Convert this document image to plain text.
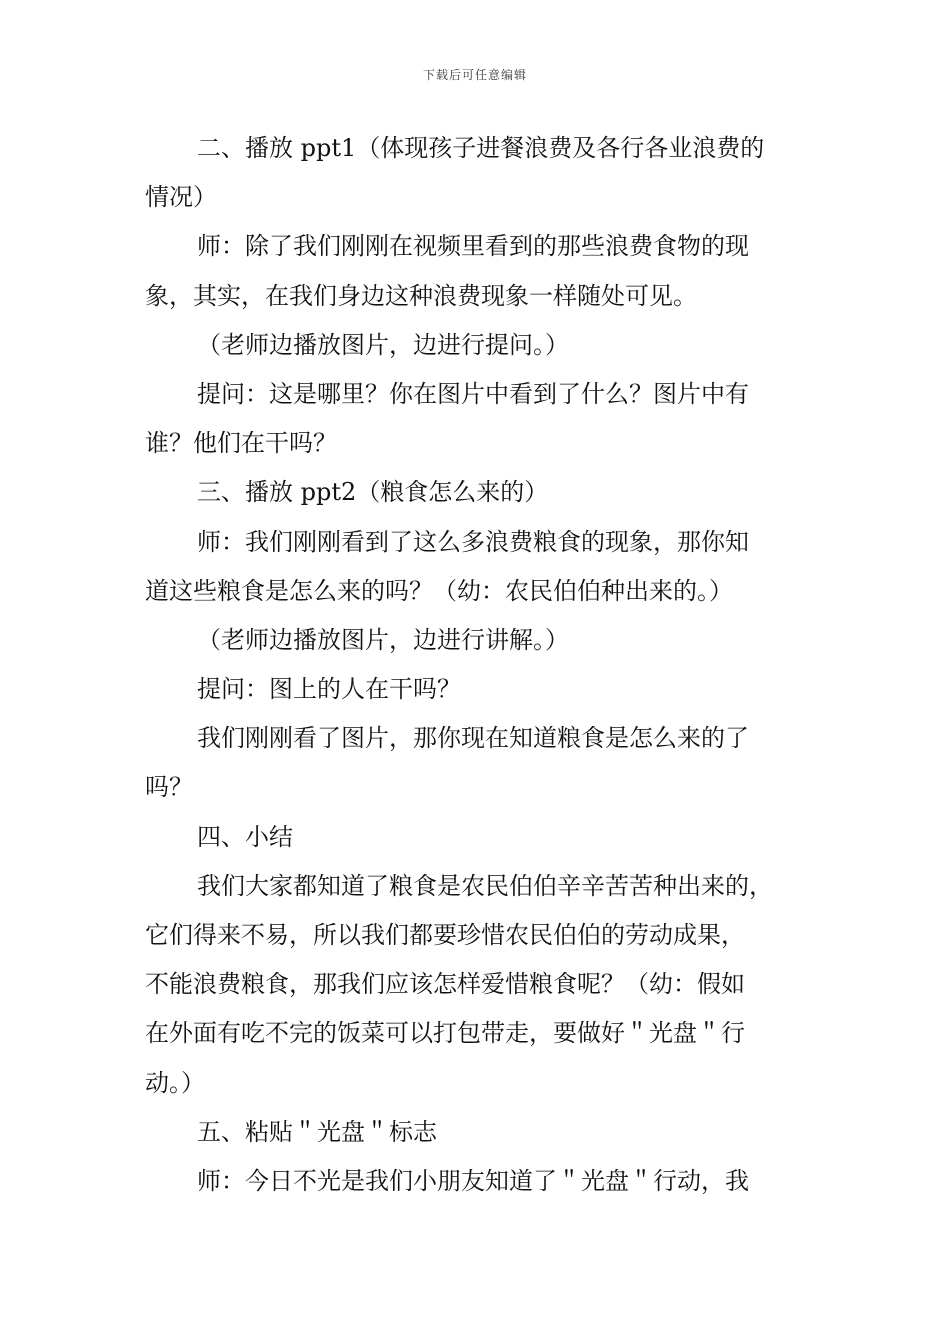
下载后可任意编辑
二、播放 ppt1（体现孩子进餐浪费及各行各业浪费的
情况）
师：除了我们刚刚在视频里看到的那些浪费食物的现
象，其实，在我们身边这种浪费现象一样随处可见。
（老师边播放图片，边进行提问。）
提问：这是哪里？你在图片中看到了什么？图片中有
谁？他们在干吗？
三、播放 ppt2（粮食怎么来的）
师：我们刚刚看到了这么多浪费粮食的现象，那你知
道这些粮食是怎么来的吗？（幼：农民伯伯种出来的。）
（老师边播放图片，边进行讲解。）
提问：图上的人在干吗？
我们刚刚看了图片，那你现在知道粮食是怎么来的了
吗？
四、小结
我们大家都知道了粮食是农民伯伯辛辛苦苦种出来的，
它们得来不易，所以我们都要珍惜农民伯伯的劳动成果，
不能浪费粮食，那我们应该怎样爱惜粮食呢？（幼：假如
在外面有吃不完的饭菜可以打包带走，要做好＂光盘＂行
动。）
五、粘贴＂光盘＂标志
师：今日不光是我们小朋友知道了＂光盘＂行动，我
